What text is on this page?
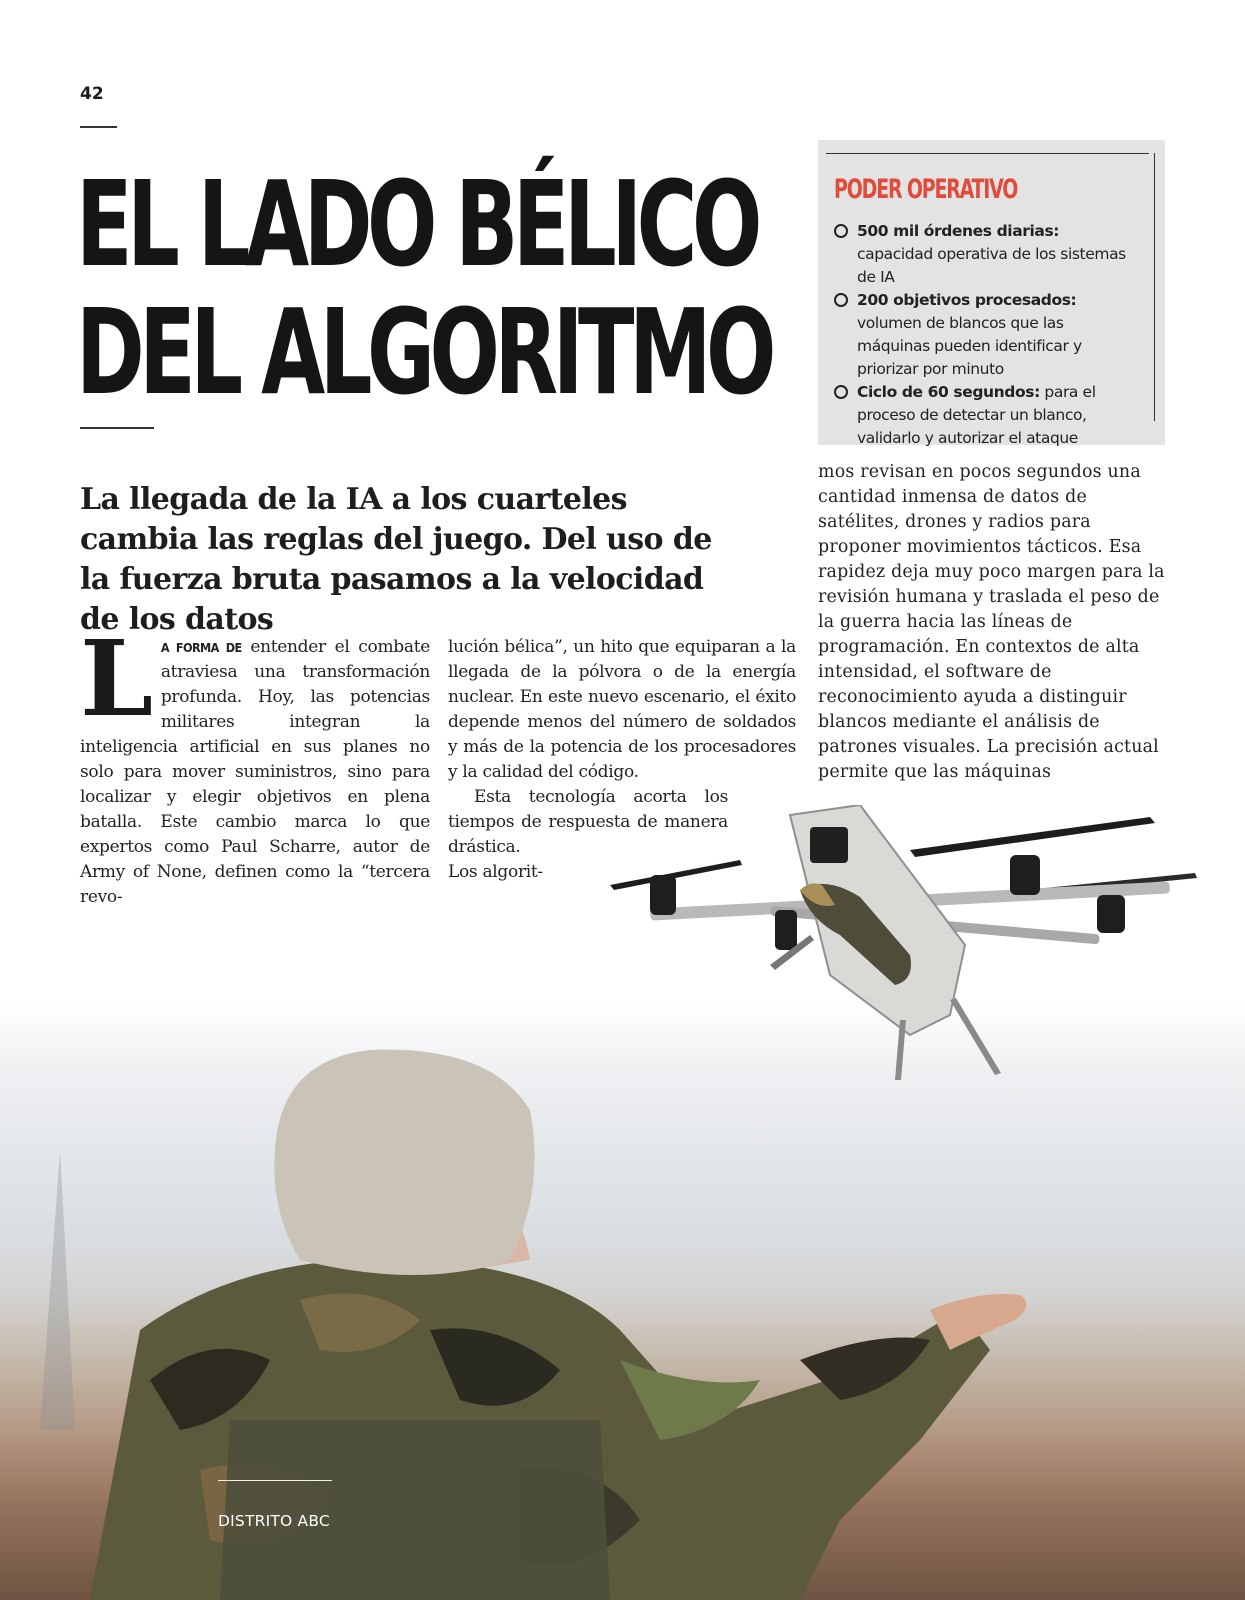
42
EL LADO BÉLICO
DEL ALGORITMO

La llegada de la IA a los cuarteles cambia las reglas del juego. Del uso de la fuerza bruta pasamos a la velocidad de los datos

PODER OPERATIVO
500 mil órdenes diarias: capacidad operativa de los sistemas de IA
200 objetivos procesados: volumen de blancos que las máquinas pueden identificar y priorizar por minuto
Ciclo de 60 segundos: para el proceso de detectar un blanco, validarlo y autorizar el ataque

L A FORMA DE entender el combate atraviesa una transformación profunda. Hoy, las potencias militares integran la inteligencia artificial en sus planes no solo para mover suministros, sino para localizar y elegir objetivos en plena batalla. Este cambio marca lo que expertos como Paul Scharre, autor de Army of None, definen como la “tercera revo-

lución bélica”, un hito que equiparan a la llegada de la pólvora o de la energía nuclear. En este nuevo escenario, el éxito depende menos del número de soldados y más de la potencia de los procesadores y la calidad del código.

Esta tecnología acorta los tiempos de respuesta de manera drástica.

Los algorit-

mos revisan en pocos segundos una cantidad inmensa de datos de satélites, drones y radios para proponer movimientos tácticos. Esa rapidez deja muy poco margen para la revisión humana y traslada el peso de la guerra hacia las líneas de programación. En contextos de alta intensidad, el software de reconocimiento ayuda a distinguir blancos mediante el análisis de patrones visuales. La precisión actual permite que las máquinas

DISTRITO ABC
